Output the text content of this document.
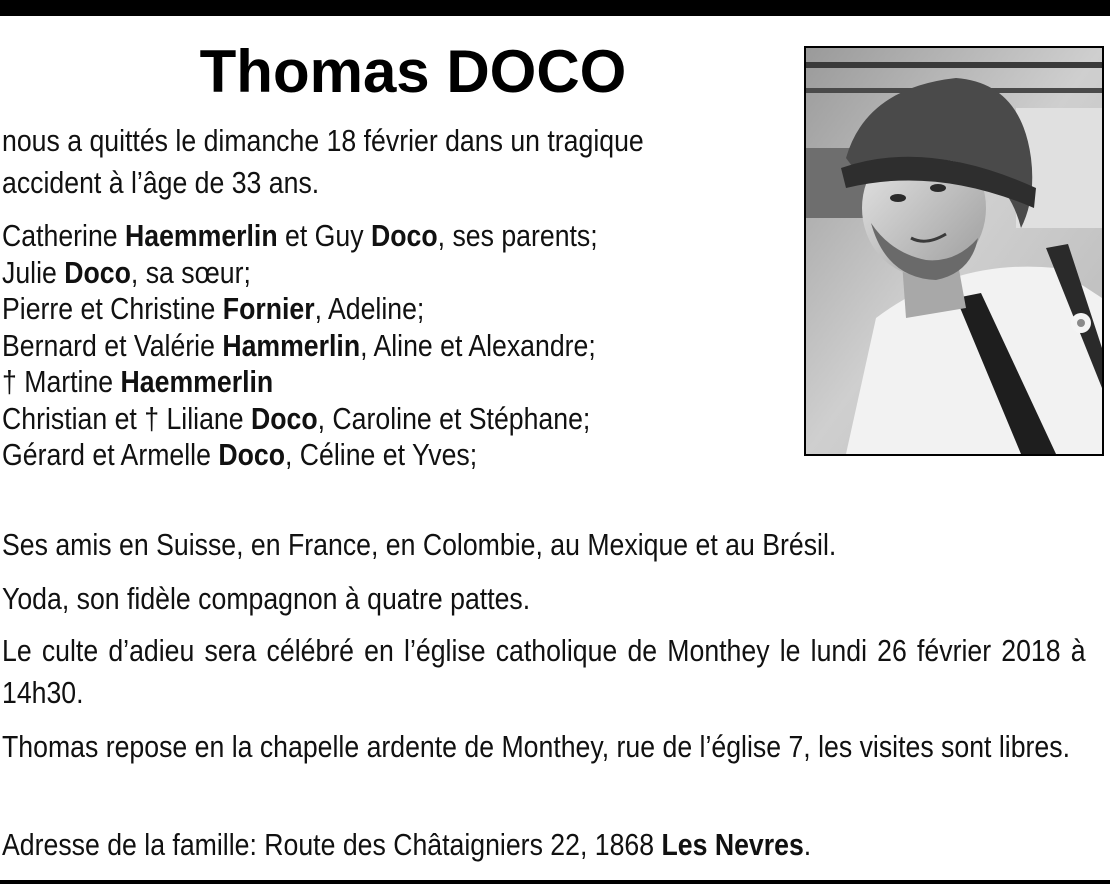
Thomas DOCO

nous a quittés le dimanche 18 février dans un tragique accident à l’âge de 33 ans.

Catherine Haemmerlin et Guy Doco, ses parents;
Julie Doco, sa sœur;
Pierre et Christine Fornier, Adeline;
Bernard et Valérie Hammerlin, Aline et Alexandre;
† Martine Haemmerlin
Christian et † Liliane Doco, Caroline et Stéphane;
Gérard et Armelle Doco, Céline et Yves;

Ses amis en Suisse, en France, en Colombie, au Mexique et au Brésil.

Yoda, son fidèle compagnon à quatre pattes.

Le culte d’adieu sera célébré en l’église catholique de Monthey le lundi 26 février 2018 à 14h30.

Thomas repose en la chapelle ardente de Monthey, rue de l’église 7, les visites sont libres.

Adresse de la famille: Route des Châtaigniers 22, 1868 Les Nevres.
